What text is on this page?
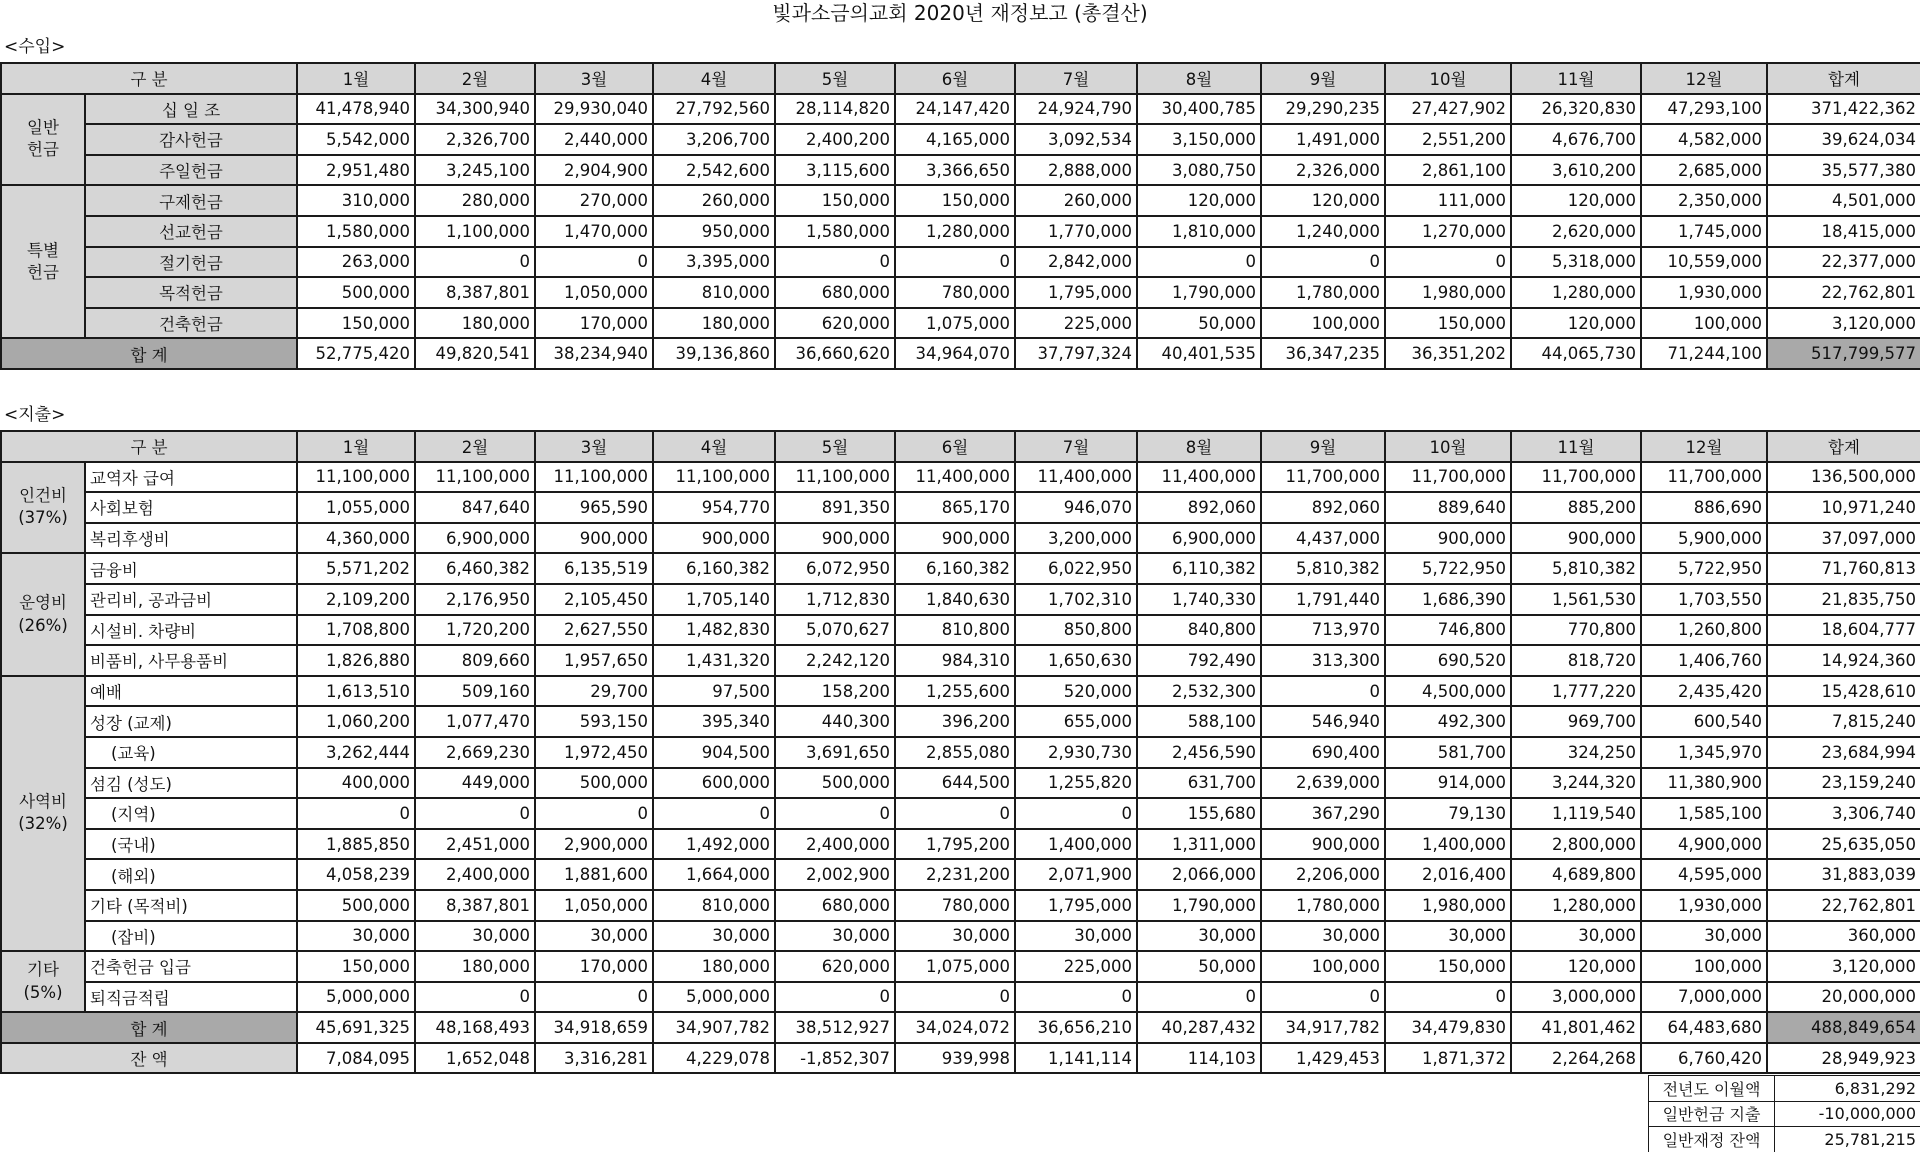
빛과소금의교회 2020년 재정보고 (총결산)
<수입>
구 분		1월	2월	3월	4월	5월	6월	7월	8월	9월	10월	11월	12월	합계
일반
헌금	십 일 조	41,478,940	34,300,940	29,930,040	27,792,560	28,114,820	24,147,420	24,924,790	30,400,785	29,290,235	27,427,902	26,320,830	47,293,100	371,422,362
	감사헌금	5,542,000	2,326,700	2,440,000	3,206,700	2,400,200	4,165,000	3,092,534	3,150,000	1,491,000	2,551,200	4,676,700	4,582,000	39,624,034
	주일헌금	2,951,480	3,245,100	2,904,900	2,542,600	3,115,600	3,366,650	2,888,000	3,080,750	2,326,000	2,861,100	3,610,200	2,685,000	35,577,380
특별
헌금	구제헌금	310,000	280,000	270,000	260,000	150,000	150,000	260,000	120,000	120,000	111,000	120,000	2,350,000	4,501,000
	선교헌금	1,580,000	1,100,000	1,470,000	950,000	1,580,000	1,280,000	1,770,000	1,810,000	1,240,000	1,270,000	2,620,000	1,745,000	18,415,000
	절기헌금	263,000	0	0	3,395,000	0	0	2,842,000	0	0	0	5,318,000	10,559,000	22,377,000
	목적헌금	500,000	8,387,801	1,050,000	810,000	680,000	780,000	1,795,000	1,790,000	1,780,000	1,980,000	1,280,000	1,930,000	22,762,801
	건축헌금	150,000	180,000	170,000	180,000	620,000	1,075,000	225,000	50,000	100,000	150,000	120,000	100,000	3,120,000
합 계		52,775,420	49,820,541	38,234,940	39,136,860	36,660,620	34,964,070	37,797,324	40,401,535	36,347,235	36,351,202	44,065,730	71,244,100	517,799,577
<지출>
구 분		1월	2월	3월	4월	5월	6월	7월	8월	9월	10월	11월	12월	합계
인건비
(37%)	교역자 급여	11,100,000	11,100,000	11,100,000	11,100,000	11,100,000	11,400,000	11,400,000	11,400,000	11,700,000	11,700,000	11,700,000	11,700,000	136,500,000
	사회보험	1,055,000	847,640	965,590	954,770	891,350	865,170	946,070	892,060	892,060	889,640	885,200	886,690	10,971,240
	복리후생비	4,360,000	6,900,000	900,000	900,000	900,000	900,000	3,200,000	6,900,000	4,437,000	900,000	900,000	5,900,000	37,097,000
운영비
(26%)	금융비	5,571,202	6,460,382	6,135,519	6,160,382	6,072,950	6,160,382	6,022,950	6,110,382	5,810,382	5,722,950	5,810,382	5,722,950	71,760,813
	관리비, 공과금비	2,109,200	2,176,950	2,105,450	1,705,140	1,712,830	1,840,630	1,702,310	1,740,330	1,791,440	1,686,390	1,561,530	1,703,550	21,835,750
	시설비. 차량비	1,708,800	1,720,200	2,627,550	1,482,830	5,070,627	810,800	850,800	840,800	713,970	746,800	770,800	1,260,800	18,604,777
	비품비, 사무용품비	1,826,880	809,660	1,957,650	1,431,320	2,242,120	984,310	1,650,630	792,490	313,300	690,520	818,720	1,406,760	14,924,360
사역비
(32%)	예배	1,613,510	509,160	29,700	97,500	158,200	1,255,600	520,000	2,532,300	0	4,500,000	1,777,220	2,435,420	15,428,610
	성장 (교제)	1,060,200	1,077,470	593,150	395,340	440,300	396,200	655,000	588,100	546,940	492,300	969,700	600,540	7,815,240
	(교육)	3,262,444	2,669,230	1,972,450	904,500	3,691,650	2,855,080	2,930,730	2,456,590	690,400	581,700	324,250	1,345,970	23,684,994
	섬김 (성도)	400,000	449,000	500,000	600,000	500,000	644,500	1,255,820	631,700	2,639,000	914,000	3,244,320	11,380,900	23,159,240
	(지역)	0	0	0	0	0	0	0	155,680	367,290	79,130	1,119,540	1,585,100	3,306,740
	(국내)	1,885,850	2,451,000	2,900,000	1,492,000	2,400,000	1,795,200	1,400,000	1,311,000	900,000	1,400,000	2,800,000	4,900,000	25,635,050
	(해외)	4,058,239	2,400,000	1,881,600	1,664,000	2,002,900	2,231,200	2,071,900	2,066,000	2,206,000	2,016,400	4,689,800	4,595,000	31,883,039
	기타 (목적비)	500,000	8,387,801	1,050,000	810,000	680,000	780,000	1,795,000	1,790,000	1,780,000	1,980,000	1,280,000	1,930,000	22,762,801
	(잡비)	30,000	30,000	30,000	30,000	30,000	30,000	30,000	30,000	30,000	30,000	30,000	30,000	360,000
기타
(5%)	건축헌금 입금	150,000	180,000	170,000	180,000	620,000	1,075,000	225,000	50,000	100,000	150,000	120,000	100,000	3,120,000
	퇴직금적립	5,000,000	0	0	5,000,000	0	0	0	0	0	0	3,000,000	7,000,000	20,000,000
합 계		45,691,325	48,168,493	34,918,659	34,907,782	38,512,927	34,024,072	36,656,210	40,287,432	34,917,782	34,479,830	41,801,462	64,483,680	488,849,654
잔 액		7,084,095	1,652,048	3,316,281	4,229,078	-1,852,307	939,998	1,141,114	114,103	1,429,453	1,871,372	2,264,268	6,760,420	28,949,923
전년도 이월액	6,831,292
일반헌금 지출	-10,000,000
일반재정 잔액	25,781,215
